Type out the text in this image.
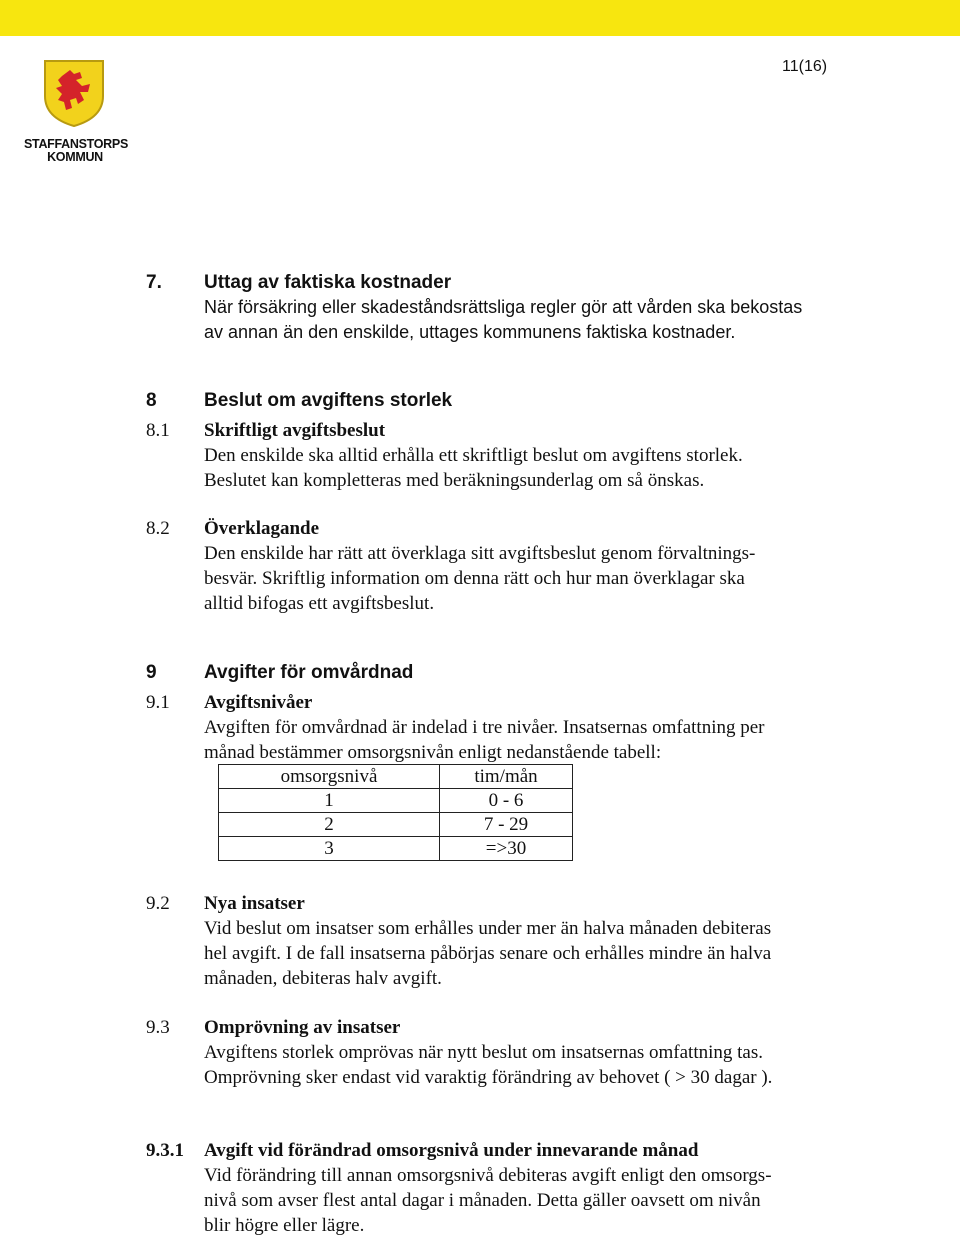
STAFFANSTORPS
KOMMUN
11(16)
7. Uttag av faktiska kostnader
När försäkring eller skadeståndsrättsliga regler gör att vården ska bekostas
av annan än den enskilde, uttages kommunens faktiska kostnader.
8 Beslut om avgiftens storlek
8.1 Skriftligt avgiftsbeslut
Den enskilde ska alltid erhålla ett skriftligt beslut om avgiftens storlek.
Beslutet kan kompletteras med beräkningsunderlag om så önskas.
8.2 Överklagande
Den enskilde har rätt att överklaga sitt avgiftsbeslut genom förvaltnings-
besvär. Skriftlig information om denna rätt och hur man överklagar ska
alltid bifogas ett avgiftsbeslut.
9 Avgifter för omvårdnad
9.1 Avgiftsnivåer
Avgiften för omvårdnad är indelad i tre nivåer. Insatsernas omfattning per
månad bestämmer omsorgsnivån enligt nedanstående tabell:
omsorgsnivå	tim/mån
1	0 - 6
2	7 - 29
3	=>30
9.2 Nya insatser
Vid beslut om insatser som erhålles under mer än halva månaden debiteras
hel avgift. I de fall insatserna påbörjas senare och erhålles mindre än halva
månaden, debiteras halv avgift.
9.3 Omprövning av insatser
Avgiftens storlek omprövas när nytt beslut om insatsernas omfattning tas.
Omprövning sker endast vid varaktig förändring av behovet ( > 30 dagar ).
9.3.1 Avgift vid förändrad omsorgsnivå under innevarande månad
Vid förändring till annan omsorgsnivå debiteras avgift enligt den omsorgs-
nivå som avser flest antal dagar i månaden. Detta gäller oavsett om nivån
blir högre eller lägre.
